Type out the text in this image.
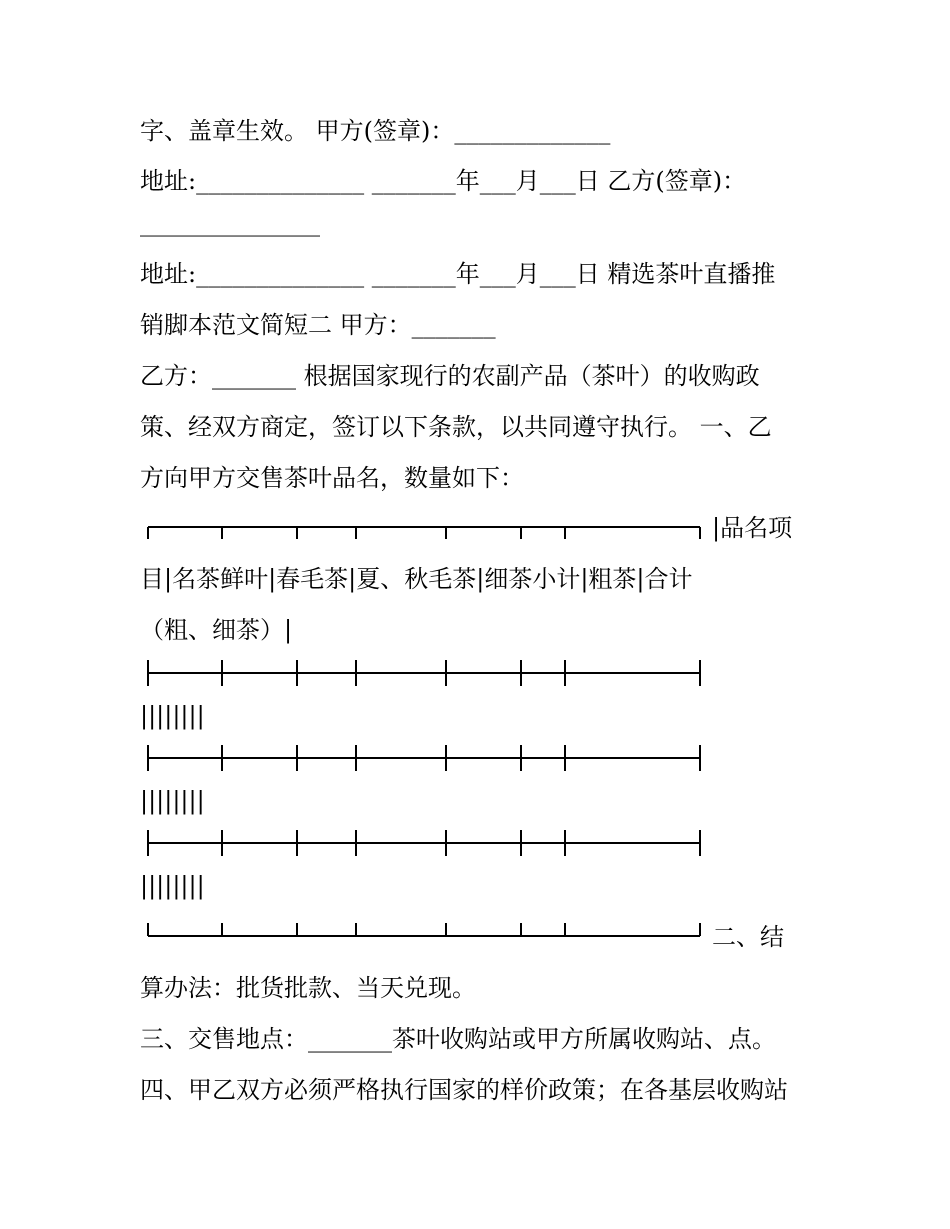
字、盖章生效。 甲方(签章)：_____________
地址:______________ _______年___月___日 乙方(签章)：
_______________
地址:______________ _______年___月___日 精选茶叶直播推
销脚本范文简短二 甲方：_______
乙方：_______ 根据国家现行的农副产品（茶叶）的收购政
策、经双方商定，签订以下条款，以共同遵守执行。 一、乙
方向甲方交售茶叶品名，数量如下：
|品名项
目|名茶鲜叶|春毛茶|夏、秋毛茶|细茶小计|粗茶|合计
（粗、细茶）|
||||||||
||||||||
||||||||
二、结
算办法：批货批款、当天兑现。
三、交售地点：_______茶叶收购站或甲方所属收购站、点。
四、甲乙双方必须严格执行国家的样价政策；在各基层收购站
